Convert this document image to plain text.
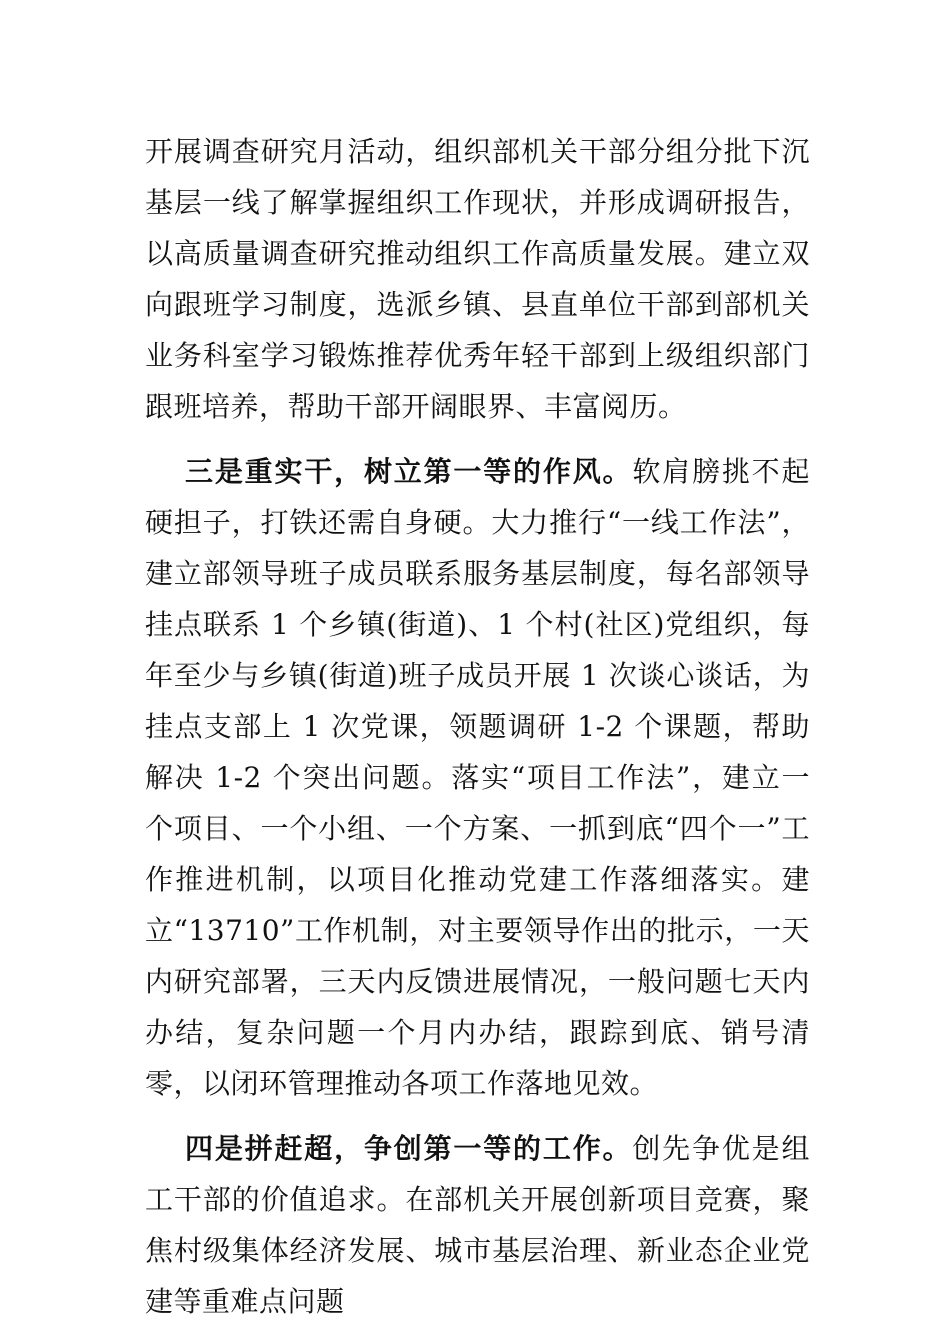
开展调查研究月活动，组织部机关干部分组分批下沉基层一线了解掌握组织工作现状，并形成调研报告，以高质量调查研究推动组织工作高质量发展。建立双向跟班学习制度，选派乡镇、县直单位干部到部机关业务科室学习锻炼推荐优秀年轻干部到上级组织部门跟班培养，帮助干部开阔眼界、丰富阅历。

三是重实干，树立第一等的作风。软肩膀挑不起硬担子，打铁还需自身硬。大力推行“一线工作法”，建立部领导班子成员联系服务基层制度，每名部领导挂点联系 1 个乡镇(街道)、1 个村(社区)党组织，每年至少与乡镇(街道)班子成员开展 1 次谈心谈话，为挂点支部上 1 次党课，领题调研 1-2 个课题，帮助解决 1-2 个突出问题。落实“项目工作法”，建立一个项目、一个小组、一个方案、一抓到底“四个一”工作推进机制，以项目化推动党建工作落细落实。建立“13710”工作机制，对主要领导作出的批示，一天内研究部署，三天内反馈进展情况，一般问题七天内办结，复杂问题一个月内办结，跟踪到底、销号清零，以闭环管理推动各项工作落地见效。

四是拼赶超，争创第一等的工作。创先争优是组工干部的价值追求。在部机关开展创新项目竞赛，聚焦村级集体经济发展、城市基层治理、新业态企业党建等重难点问题
